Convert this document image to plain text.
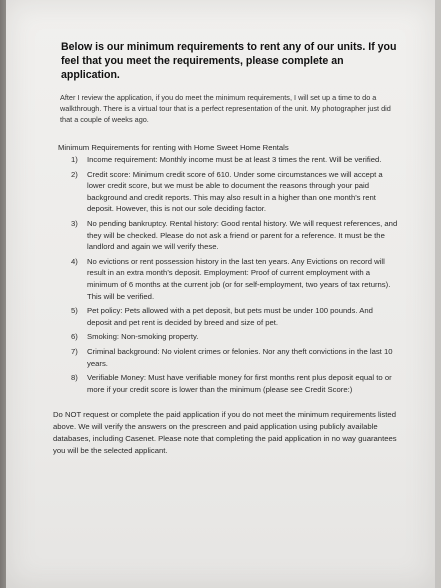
Below is our minimum requirements to rent any of our units. If you feel that you meet the requirements, please complete an application.
After I review the application, if you do meet the minimum requirements, I will set up a time to do a walkthrough. There is a virtual tour that is a perfect representation of the unit. My photographer just did that a couple of weeks ago.
Minimum Requirements for renting with Home Sweet Home Rentals
1) Income requirement: Monthly income must be at least 3 times the rent. Will be verified.
2) Credit score: Minimum credit score of 610. Under some circumstances we will accept a lower credit score, but we must be able to document the reasons through your paid background and credit reports. This may also result in a higher than one month's rent deposit. However, this is not our sole deciding factor.
3) No pending bankruptcy. Rental history: Good rental history. We will request references, and they will be checked. Please do not ask a friend or parent for a reference. It must be the landlord and again we will verify these.
4) No evictions or rent possession history in the last ten years. Any Evictions on record will result in an extra month's deposit. Employment: Proof of current employment with a minimum of 6 months at the current job (or for self-employment, two years of tax returns). This will be verified.
5) Pet policy: Pets allowed with a pet deposit, but pets must be under 100 pounds. And deposit and pet rent is decided by breed and size of pet.
6) Smoking: Non-smoking property.
7) Criminal background: No violent crimes or felonies. Nor any theft convictions in the last 10 years.
8) Verifiable Money: Must have verifiable money for first months rent plus deposit equal to or more if your credit score is lower than the minimum (please see Credit Score:)
Do NOT request or complete the paid application if you do not meet the minimum requirements listed above. We will verify the answers on the prescreen and paid application using publicly available databases, including Casenet. Please note that completing the paid application in no way guarantees you will be the selected applicant.
